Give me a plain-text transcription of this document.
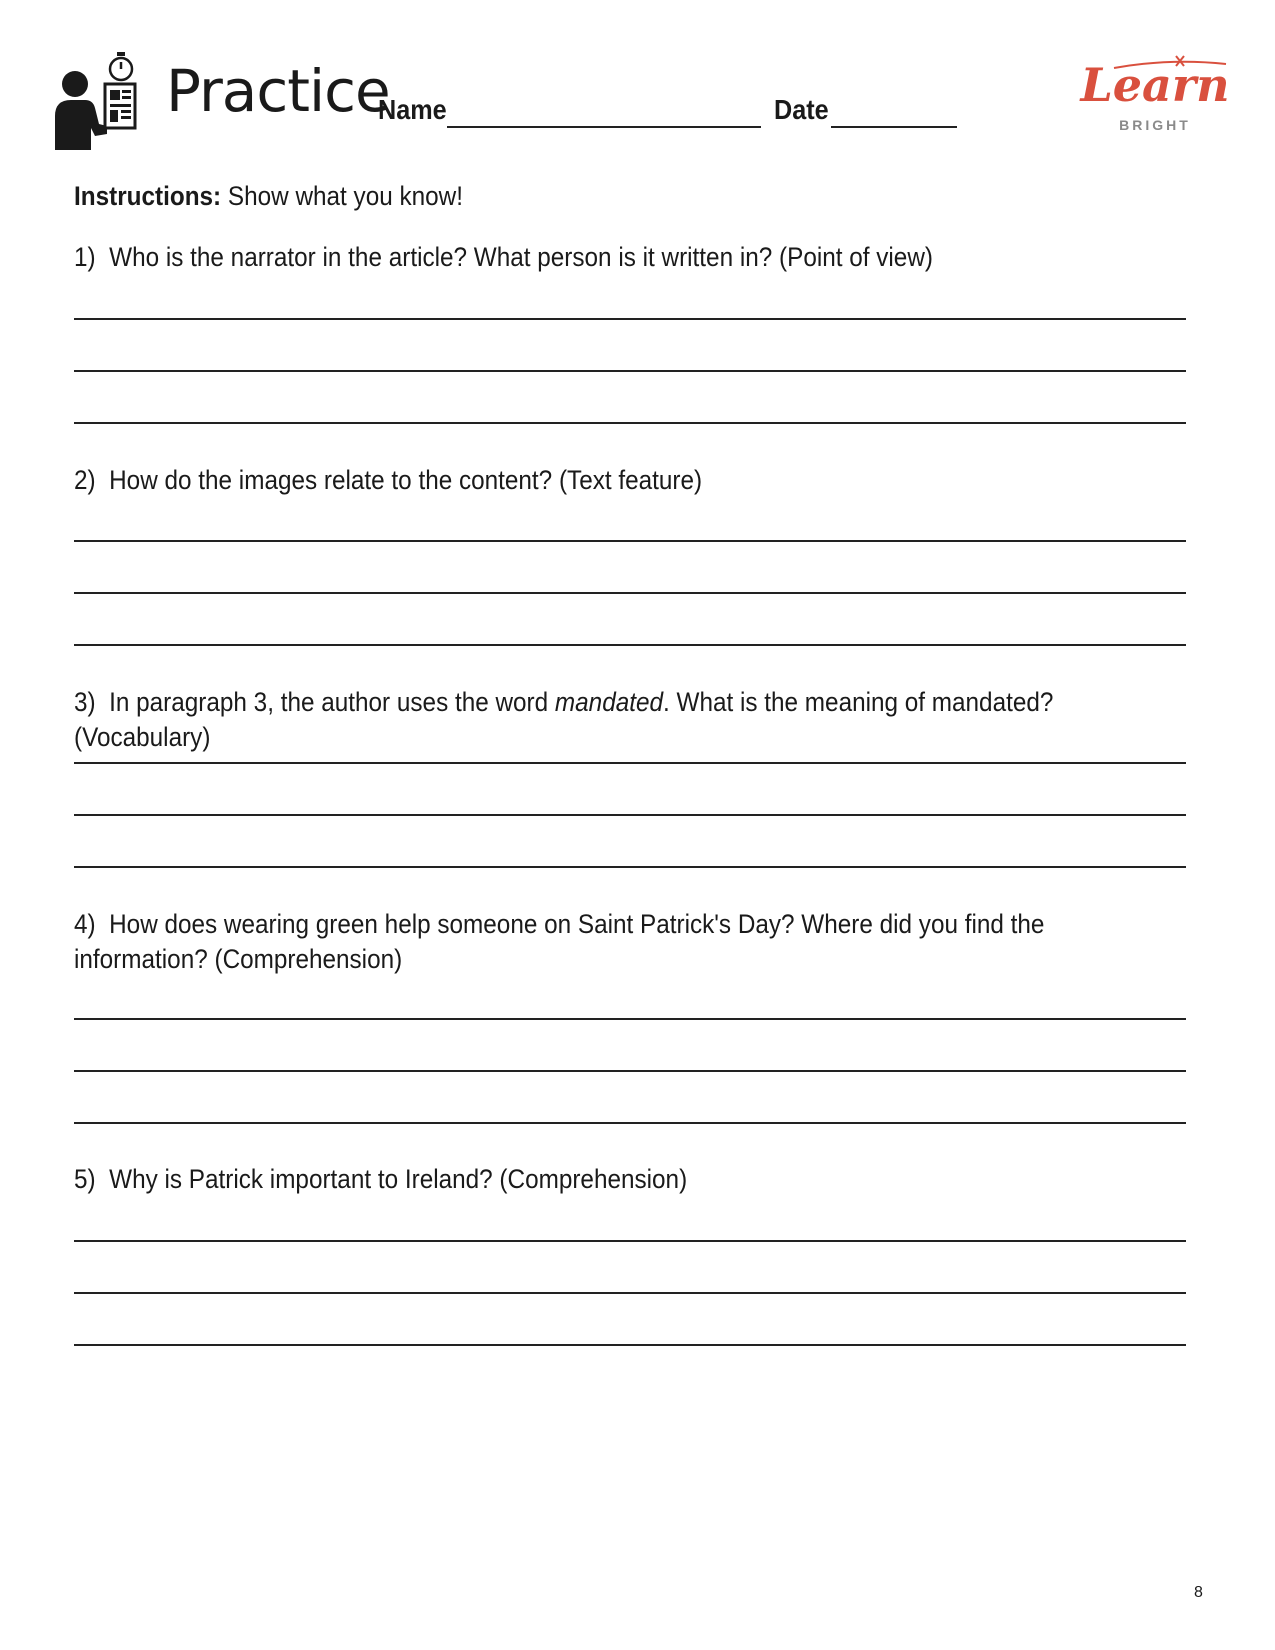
Practice
Name	Date	Learn
BRIGHT
Instructions: Show what you know!
1) Who is the narrator in the article? What person is it written in? (Point of view)
2) How do the images relate to the content? (Text feature)
3) In paragraph 3, the author uses the word mandated. What is the meaning of mandated? (Vocabulary)
4) How does wearing green help someone on Saint Patrick's Day? Where did you find the information? (Comprehension)
5) Why is Patrick important to Ireland? (Comprehension)
8
